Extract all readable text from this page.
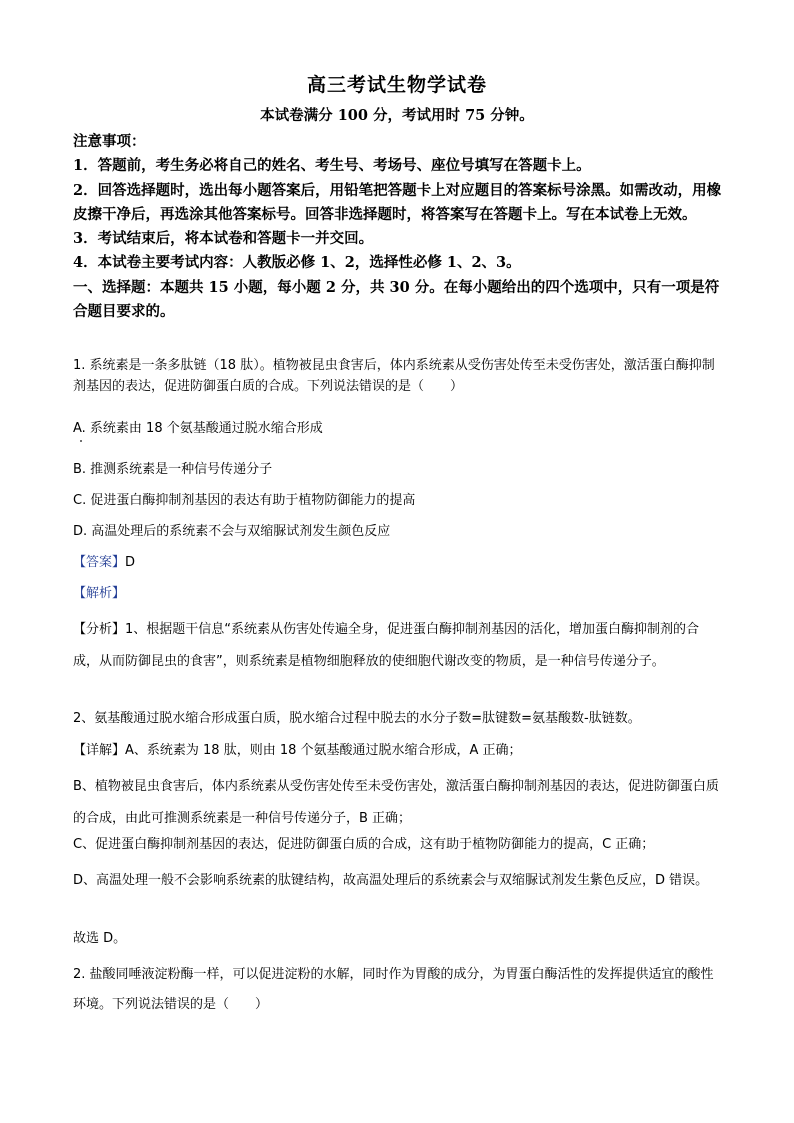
高三考试生物学试卷
本试卷满分 100 分，考试用时 75 分钟。

注意事项：

1．答题前，考生务必将自己的姓名、考生号、考场号、座位号填写在答题卡上。

2．回答选择题时，选出每小题答案后，用铅笔把答题卡上对应题目的答案标号涂黑。如需改动，用橡皮擦干净后，再选涂其他答案标号。回答非选择题时，将答案写在答题卡上。写在本试卷上无效。

3．考试结束后，将本试卷和答题卡一并交回。

4．本试卷主要考试内容：人教版必修 1、2，选择性必修 1、2、3。

一、选择题：本题共 15 小题，每小题 2 分，共 30 分。在每小题给出的四个选项中，只有一项是符合题目要求的。

1. 系统素是一条多肽链（18 肽）。植物被昆虫食害后，体内系统素从受伤害处传至未受伤害处，激活蛋白酶抑制剂基因的表达，促进防御蛋白质的合成。下列说法错误的是（　　）

A. 系统素由 18 个氨基酸通过脱水缩合形成
B. 推测系统素是一种信号传递分子
C. 促进蛋白酶抑制剂基因的表达有助于植物防御能力的提高
D. 高温处理后的系统素不会与双缩脲试剂发生颜色反应
【答案】D
【解析】

【分析】1、根据题干信息“系统素从伤害处传遍全身，促进蛋白酶抑制剂基因的活化，增加蛋白酶抑制剂的合成，从而防御昆虫的食害”，则系统素是植物细胞释放的使细胞代谢改变的物质，是一种信号传递分子。

2、氨基酸通过脱水缩合形成蛋白质，脱水缩合过程中脱去的水分子数=肽键数=氨基酸数-肽链数。
【详解】A、系统素为 18 肽，则由 18 个氨基酸通过脱水缩合形成，A 正确；
B、植物被昆虫食害后，体内系统素从受伤害处传至未受伤害处，激活蛋白酶抑制剂基因的表达，促进防御蛋白质的合成，由此可推测系统素是一种信号传递分子，B 正确；
C、促进蛋白酶抑制剂基因的表达，促进防御蛋白质的合成，这有助于植物防御能力的提高，C 正确；
D、高温处理一般不会影响系统素的肽键结构，故高温处理后的系统素会与双缩脲试剂发生紫色反应，D 错误。
故选 D。
2. 盐酸同唾液淀粉酶一样，可以促进淀粉的水解，同时作为胃酸的成分，为胃蛋白酶活性的发挥提供适宜的酸性环境。下列说法错误的是（　　）
